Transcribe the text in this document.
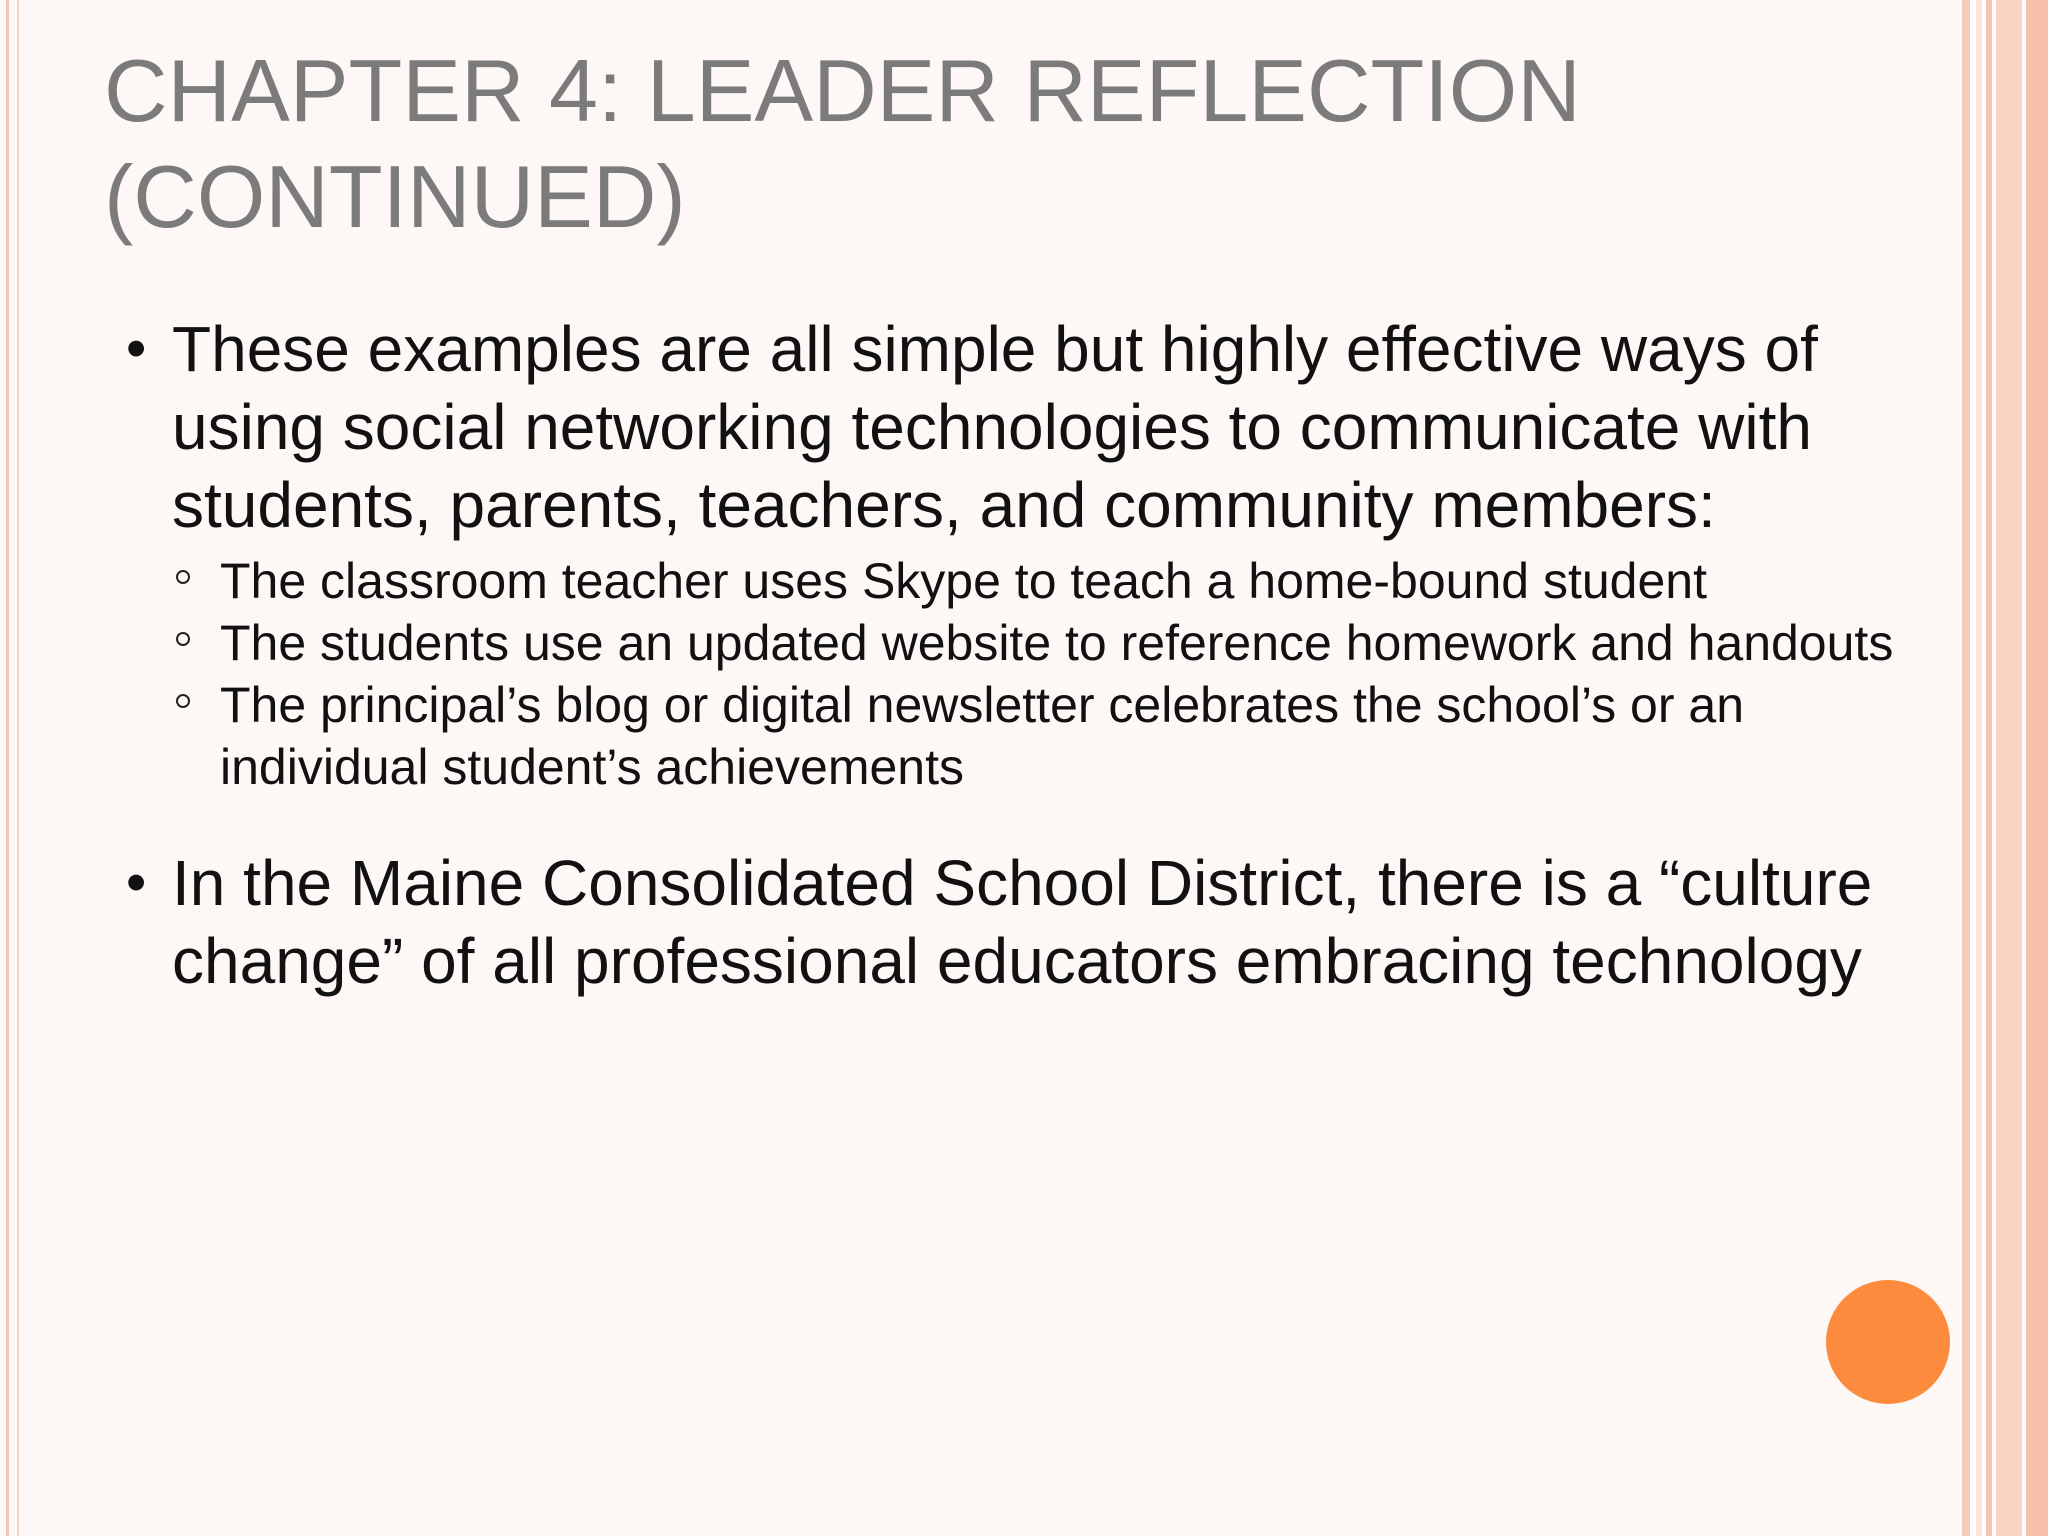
CHAPTER 4: LEADER REFLECTION (CONTINUED)
• These examples are all simple but highly effective ways of using social networking technologies to communicate with students, parents, teachers, and community members:
The classroom teacher uses Skype to teach a home-bound student
The students use an updated website to reference homework and handouts
The principal’s blog or digital newsletter celebrates the school’s or an individual student’s achievements
• In the Maine Consolidated School District, there is a “culture change” of all professional educators embracing technology
